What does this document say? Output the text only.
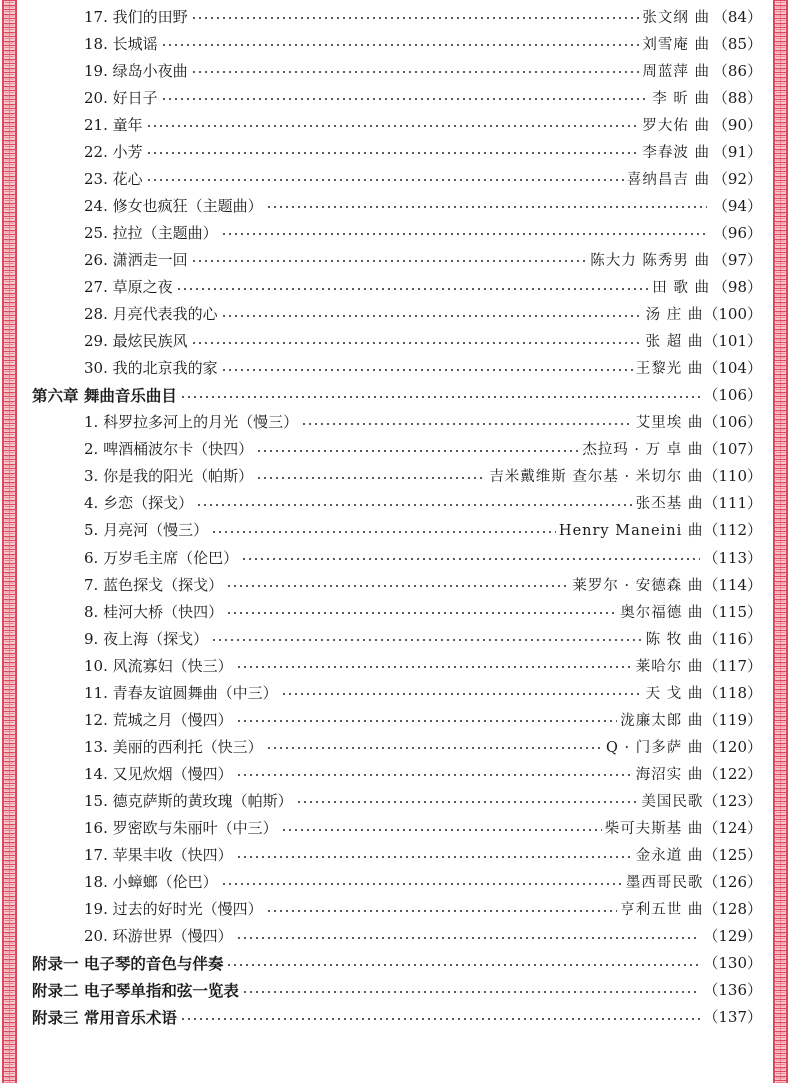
17. 我们的田野	张文纲 曲 （84）
18. 长城谣	刘雪庵 曲 （85）
19. 绿岛小夜曲	周蓝萍 曲 （86）
20. 好日子	李 昕 曲 （88）
21. 童年	罗大佑 曲 （90）
22. 小芳	李春波 曲 （91）
23. 花心	喜纳昌吉 曲 （92）
24. 修女也疯狂（主题曲）	（94）
25. 拉拉（主题曲）	（96）
26. 潇洒走一回	陈大力 陈秀男 曲 （97）
27. 草原之夜	田 歌 曲 （98）
28. 月亮代表我的心	汤 庄 曲 （100）
29. 最炫民族风	张 超 曲 （101）
30. 我的北京我的家	王黎光 曲 （104）
第六章 舞曲音乐曲目	（106）
1. 科罗拉多河上的月光（慢三）	艾里埃 曲 （106）
2. 啤酒桶波尔卡（快四）	杰拉玛 · 万 卓 曲 （107）
3. 你是我的阳光（帕斯）	吉米戴维斯 查尔基 · 米切尔 曲 （110）
4. 乡恋（探戈）	张丕基 曲 （111）
5. 月亮河（慢三）	Henry Maneini 曲 （112）
6. 万岁毛主席（伦巴）	（113）
7. 蓝色探戈（探戈）	莱罗尔 · 安德森 曲 （114）
8. 桂河大桥（快四）	奥尔福德 曲 （115）
9. 夜上海（探戈）	陈 牧 曲 （116）
10. 风流寡妇（快三）	莱哈尔 曲 （117）
11. 青春友谊圆舞曲（中三）	天 戈 曲 （118）
12. 荒城之月（慢四）	泷廉太郎 曲 （119）
13. 美丽的西利托（快三）	Q · 门多萨 曲 （120）
14. 又见炊烟（慢四）	海沼实 曲 （122）
15. 德克萨斯的黄玫瑰（帕斯）	美国民歌 （123）
16. 罗密欧与朱丽叶（中三）	柴可夫斯基 曲 （124）
17. 苹果丰收（快四）	金永道 曲 （125）
18. 小蟑螂（伦巴）	墨西哥民歌 （126）
19. 过去的好时光（慢四）	亨利五世 曲 （128）
20. 环游世界（慢四）	（129）
附录一 电子琴的音色与伴奏	（130）
附录二 电子琴单指和弦一览表	（136）
附录三 常用音乐术语	（137）
